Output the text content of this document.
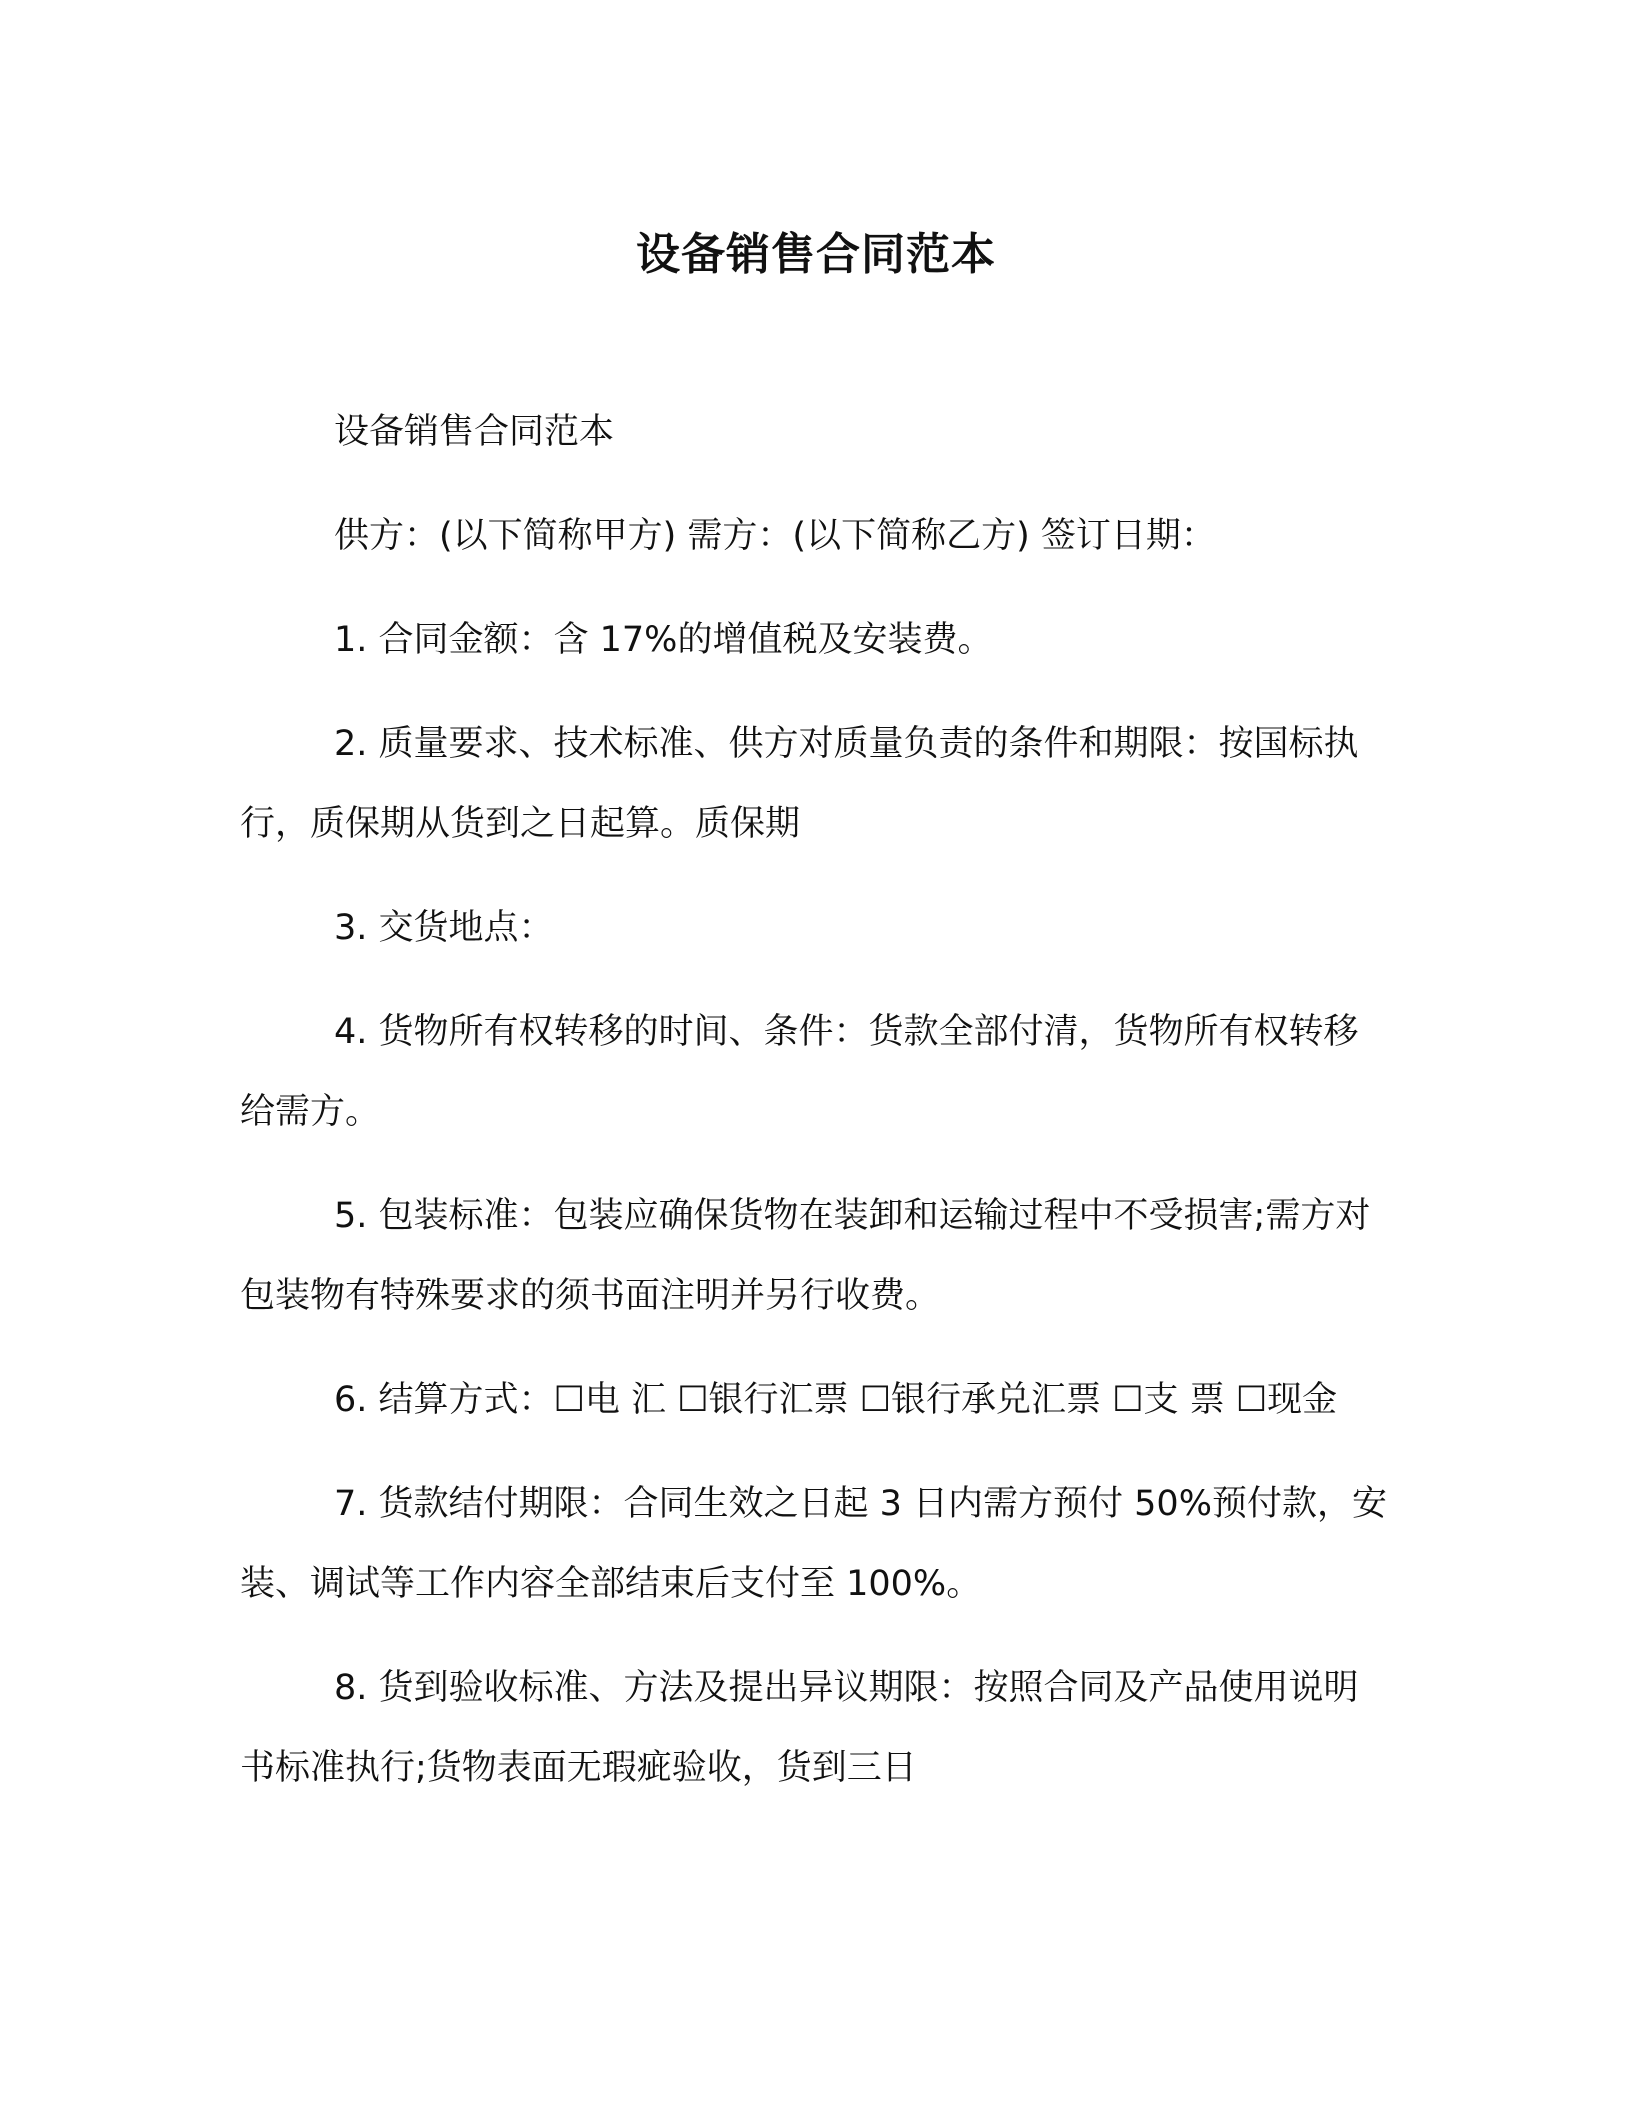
设备销售合同范本

设备销售合同范本

供方：(以下简称甲方) 需方：(以下简称乙方) 签订日期：

1. 合同金额：含 17%的增值税及安装费。

2. 质量要求、技术标准、供方对质量负责的条件和期限：按国标执行，质保期从货到之日起算。质保期

3. 交货地点：

4. 货物所有权转移的时间、条件：货款全部付清，货物所有权转移给需方。

5. 包装标准：包装应确保货物在装卸和运输过程中不受损害;需方对包装物有特殊要求的须书面注明并另行收费。

6. 结算方式：☐电 汇 ☐银行汇票 ☐银行承兑汇票 ☐支 票 ☐现金

7. 货款结付期限：合同生效之日起 3 日内需方预付 50%预付款，安装、调试等工作内容全部结束后支付至 100%。

8. 货到验收标准、方法及提出异议期限：按照合同及产品使用说明书标准执行;货物表面无瑕疵验收，货到三日
